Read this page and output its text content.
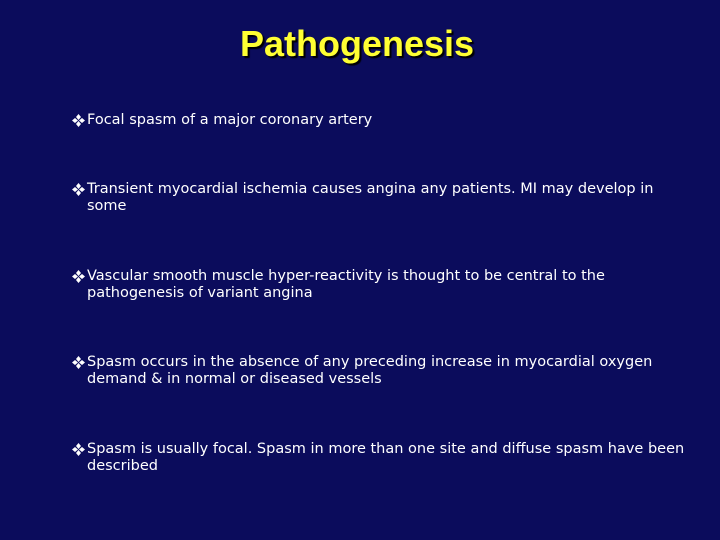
Pathogenesis
Focal spasm of a major coronary artery
Transient myocardial ischemia causes angina any patients. MI may develop in some
Vascular smooth muscle hyper-reactivity is thought to be central to the pathogenesis of variant angina
Spasm occurs in the absence of any preceding increase in myocardial oxygen demand & in normal or diseased vessels
Spasm is usually focal. Spasm in more than one site and diffuse spasm have been described
